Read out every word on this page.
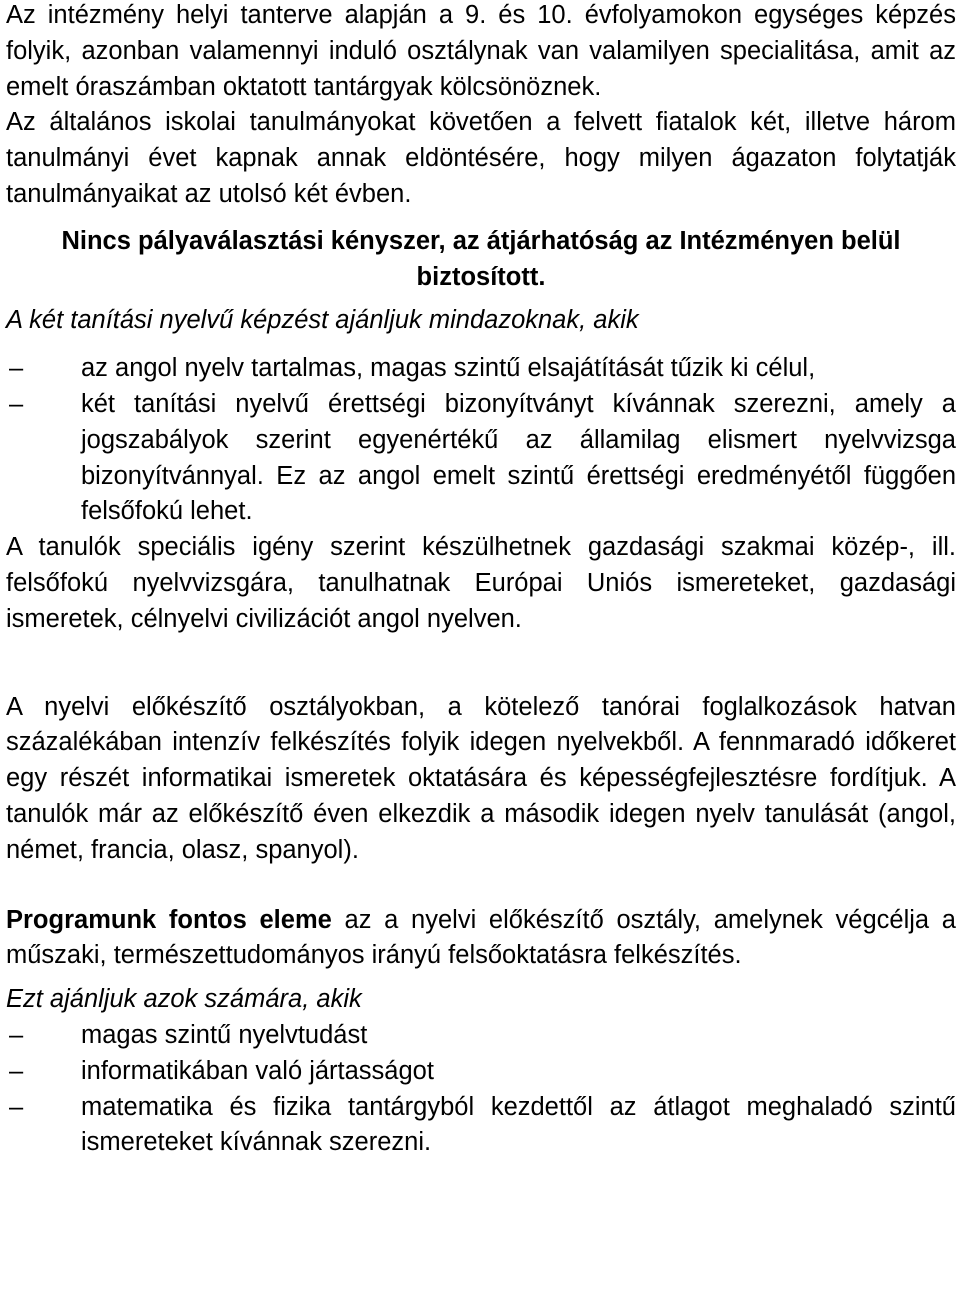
Az intézmény helyi tanterve alapján a 9. és 10. évfolyamokon egységes képzés folyik, azonban valamennyi induló osztálynak van valamilyen specialitása, amit az emelt óraszámban oktatott tantárgyak kölcsönöznek.

Az általános iskolai tanulmányokat követően a felvett fiatalok két, illetve három tanulmányi évet kapnak annak eldöntésére, hogy milyen ágazaton folytatják tanulmányaikat az utolsó két évben.

Nincs pályaválasztási kényszer, az átjárhatóság az Intézményen belül biztosított.

A két tanítási nyelvű képzést ajánljuk mindazoknak, akik

–	az angol nyelv tartalmas, magas szintű elsajátítását tűzik ki célul,
–	két tanítási nyelvű érettségi bizonyítványt kívánnak szerezni, amely a jogszabályok szerint egyenértékű az államilag elismert nyelvvizsga bizonyítvánnyal. Ez az angol emelt szintű érettségi eredményétől függően felsőfokú lehet.

A tanulók speciális igény szerint készülhetnek gazdasági szakmai közép-, ill. felsőfokú nyelvvizsgára, tanulhatnak Európai Uniós ismereteket, gazdasági ismeretek, célnyelvi civilizációt angol nyelven.

A nyelvi előkészítő osztályokban, a kötelező tanórai foglalkozások hatvan százalékában intenzív felkészítés folyik idegen nyelvekből. A fennmaradó időkeret egy részét informatikai ismeretek oktatására és képességfejlesztésre fordítjuk. A tanulók már az előkészítő éven elkezdik a második idegen nyelv tanulását (angol, német, francia, olasz, spanyol).

Programunk fontos eleme az a nyelvi előkészítő osztály, amelynek végcélja a műszaki, természettudományos irányú felsőoktatásra felkészítés.

Ezt ajánljuk azok számára, akik

–	magas szintű nyelvtudást
–	informatikában való jártasságot
–	matematika és fizika tantárgyból kezdettől az átlagot meghaladó szintű ismereteket kívánnak szerezni.
